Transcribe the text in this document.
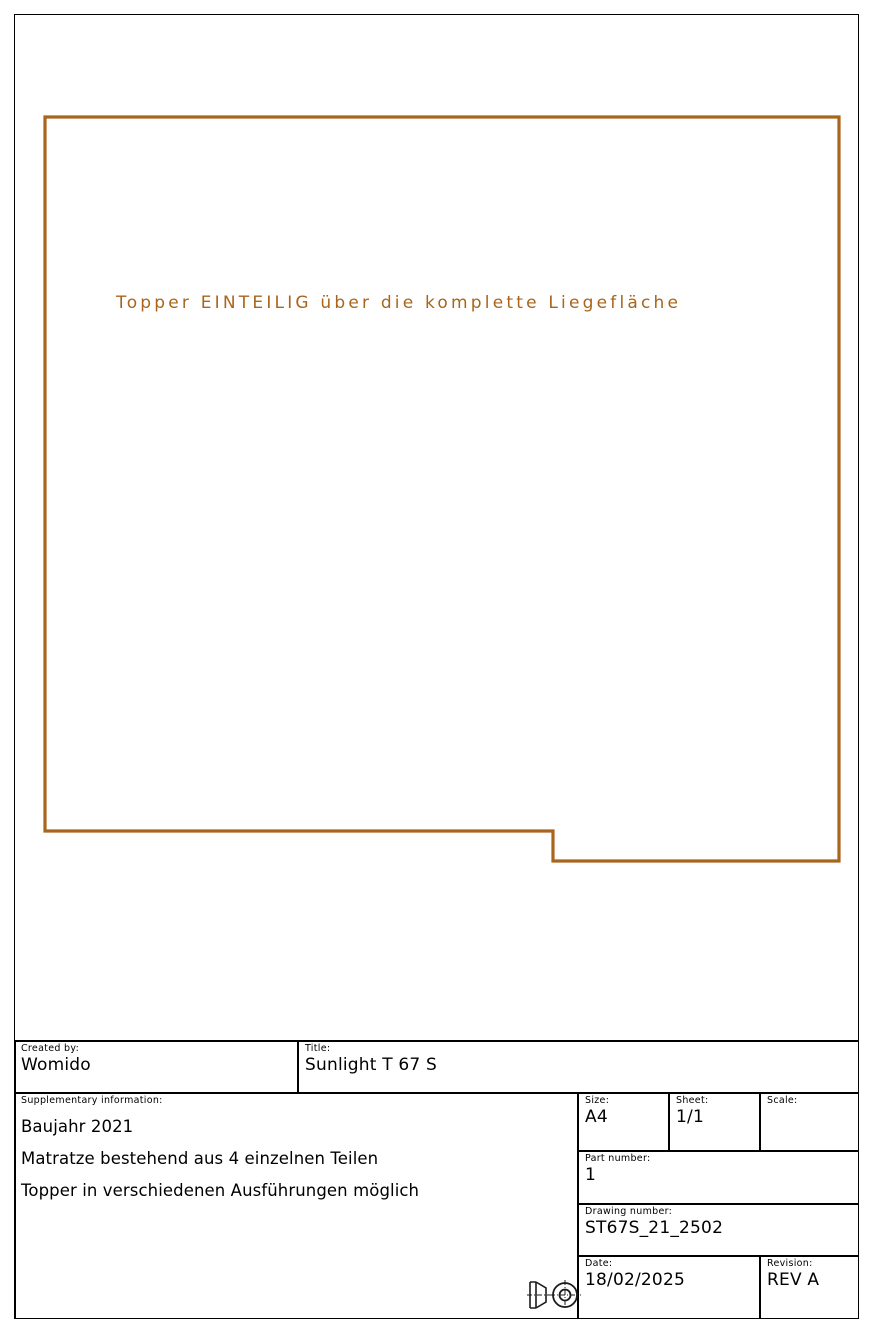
Topper EINTEILIG über die komplette Liegefläche
Created by:
Womido
Title:
Sunlight T 67 S
Supplementary information:
Baujahr 2021
Matratze bestehend aus 4 einzelnen Teilen
Topper in verschiedenen Ausführungen möglich
Size:
A4
Sheet:
1/1
Scale:
Part number:
1
Drawing number:
ST67S_21_2502
Date:
18/02/2025
Revision:
REV A
